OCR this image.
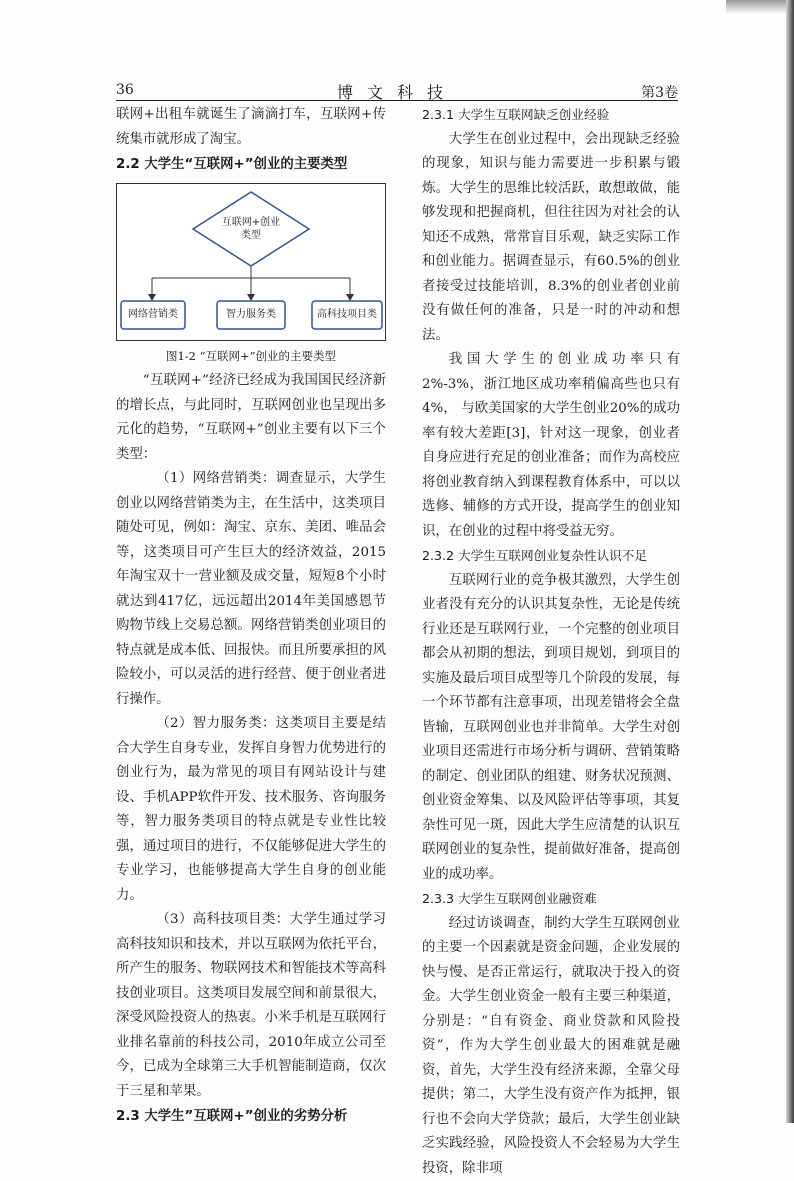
36	博文科技	第3卷

联网+出租车就诞生了滴滴打车，互联网+传统集市就形成了淘宝。

2.2 大学生“互联网+”创业的主要类型
互联网+创业类型
网络营销类	智力服务类	高科技项目类
图1-2 “互联网+”创业的主要类型

“互联网+”经济已经成为我国国民经济新的增长点，与此同时，互联网创业也呈现出多元化的趋势，“互联网+”创业主要有以下三个类型：

（1）网络营销类：调查显示，大学生创业以网络营销类为主，在生活中，这类项目随处可见，例如：淘宝、京东、美团、唯品会等，这类项目可产生巨大的经济效益，2015年淘宝双十一营业额及成交量，短短8个小时就达到417亿，远远超出2014年美国感恩节购物节线上交易总额。网络营销类创业项目的特点就是成本低、回报快。而且所要承担的风险较小，可以灵活的进行经营、便于创业者进行操作。

（2）智力服务类：这类项目主要是结合大学生自身专业，发挥自身智力优势进行的创业行为，最为常见的项目有网站设计与建设、手机APP软件开发、技术服务、咨询服务等，智力服务类项目的特点就是专业性比较强，通过项目的进行，不仅能够促进大学生的专业学习，也能够提高大学生自身的创业能力。

（3）高科技项目类：大学生通过学习高科技知识和技术，并以互联网为依托平台，所产生的服务、物联网技术和智能技术等高科技创业项目。这类项目发展空间和前景很大，深受风险投资人的热衷。小米手机是互联网行业排名靠前的科技公司，2010年成立公司至今，已成为全球第三大手机智能制造商，仅次于三星和苹果。

2.3 大学生”互联网+”创业的劣势分析
2.3.1 大学生互联网缺乏创业经验

大学生在创业过程中，会出现缺乏经验的现象，知识与能力需要进一步积累与锻炼。大学生的思维比较活跃，敢想敢做，能够发现和把握商机，但往往因为对社会的认知还不成熟，常常盲目乐观，缺乏实际工作和创业能力。据调查显示，有60.5%的创业者接受过技能培训，8.3%的创业者创业前没有做任何的准备，只是一时的冲动和想法。

我国大学生的创业成功率只有2%-3%，浙江地区成功率稍偏高些也只有4%， 与欧美国家的大学生创业20%的成功率有较大差距[3]，针对这一现象，创业者自身应进行充足的创业准备；而作为高校应将创业教育纳入到课程教育体系中，可以以选修、辅修的方式开设，提高学生的创业知识，在创业的过程中将受益无穷。

2.3.2 大学生互联网创业复杂性认识不足

互联网行业的竞争极其激烈，大学生创业者没有充分的认识其复杂性，无论是传统行业还是互联网行业，一个完整的创业项目都会从初期的想法，到项目规划，到项目的实施及最后项目成型等几个阶段的发展，每一个环节都有注意事项，出现差错将会全盘皆输，互联网创业也并非简单。大学生对创业项目还需进行市场分析与调研、营销策略的制定、创业团队的组建、财务状况预测、创业资金筹集、以及风险评估等事项，其复杂性可见一斑，因此大学生应清楚的认识互联网创业的复杂性，提前做好准备，提高创业的成功率。

2.3.3 大学生互联网创业融资难

经过访谈调查，制约大学生互联网创业的主要一个因素就是资金问题，企业发展的快与慢、是否正常运行，就取决于投入的资金。大学生创业资金一般有主要三种渠道，分别是：“自有资金、商业贷款和风险投资”，作为大学生创业最大的困难就是融资，首先，大学生没有经济来源，全靠父母提供；第二，大学生没有资产作为抵押，银行也不会向大学贷款；最后，大学生创业缺乏实践经验，风险投资人不会轻易为大学生投资，除非项
